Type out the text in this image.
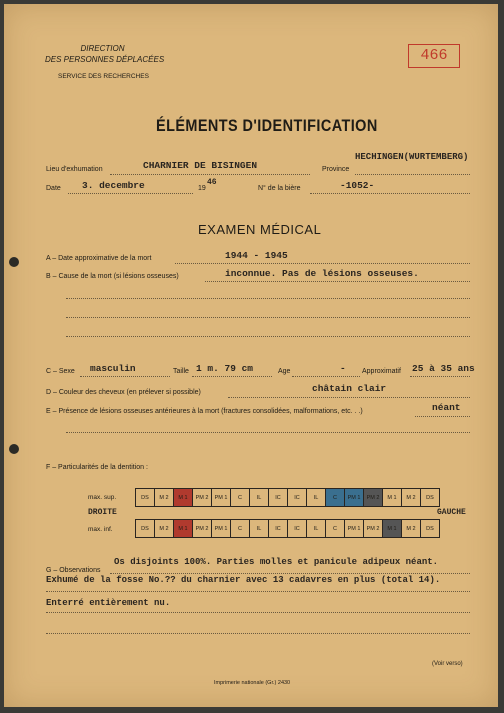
DIRECTION
DES PERSONNES DÉPLACÉES
SERVICE DES RECHERCHES
466
ÉLÉMENTS D'IDENTIFICATION
Lieu d'exhumation	CHARNIER DE BISINGEN	Province
HECHINGEN(WURTEMBERG)
Date 3. decembre	19
46
N° de la bière	-1052-
EXAMEN MÉDICAL
A – Date approximative de la mort	1944 - 1945
B – Cause de la mort (si lésions osseuses)	inconnue. Pas de lésions osseuses.
C – Sexe masculin	Taille 1 m. 79 cm	Age	- Approximatif 25 à 35 ans
D – Couleur des cheveux (en prélever si possible)	châtain clair
E – Présence de lésions osseuses antérieures à la mort (fractures consolidées, malformations, etc. . .)	néant
F – Particularités de la dentition :
max. sup.
max. inf.
DROITE	GAUCHE
DS	M 2	M 1	PM 2	PM 1	C	IL	IC	IC	IL	C	PM 1	PM 2	M 1	M 2	DS
DS	M 2	M 1	PM 2	PM 1	C	IL	IC	IC	IL	C	PM 1	PM 2	M 1	M 2	DS
G – Observations
Os disjoints 100%. Parties molles et panicule adipeux néant.
Exhumé de la fosse No.?? du charnier avec 13 cadavres en plus (total 14).
Enterré entièrement nu.
(Voir verso)
Imprimerie nationale (Gr.) 2430
